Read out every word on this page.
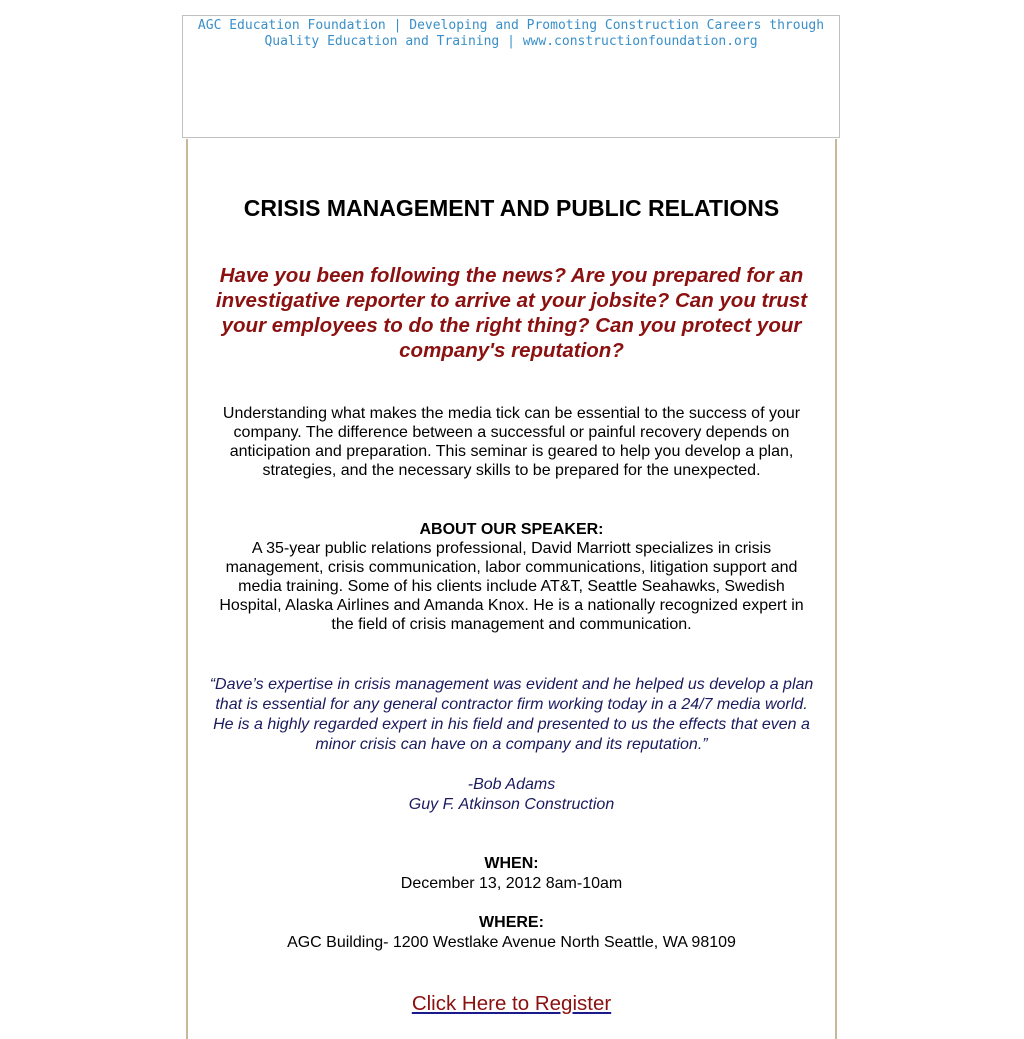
AGC Education Foundation | Developing and Promoting Construction Careers through Quality Education and Training | www.constructionfoundation.org
CRISIS MANAGEMENT AND PUBLIC RELATIONS

Have you been following the news? Are you prepared for an investigative reporter to arrive at your jobsite? Can you trust your employees to do the right thing? Can you protect your company's reputation?

Understanding what makes the media tick can be essential to the success of your company. The difference between a successful or painful recovery depends on anticipation and preparation. This seminar is geared to help you develop a plan, strategies, and the necessary skills to be prepared for the unexpected.

ABOUT OUR SPEAKER:
A 35-year public relations professional, David Marriott specializes in crisis management, crisis communication, labor communications, litigation support and media training. Some of his clients include AT&T, Seattle Seahawks, Swedish Hospital, Alaska Airlines and Amanda Knox. He is a nationally recognized expert in the field of crisis management and communication.

“Dave’s expertise in crisis management was evident and he helped us develop a plan that is essential for any general contractor firm working today in a 24/7 media world. He is a highly regarded expert in his field and presented to us the effects that even a minor crisis can have on a company and its reputation.”

-Bob Adams
Guy F. Atkinson Construction

WHEN:
December 13, 2012 8am-10am

WHERE:
AGC Building- 1200 Westlake Avenue North Seattle, WA 98109

Click Here to Register
